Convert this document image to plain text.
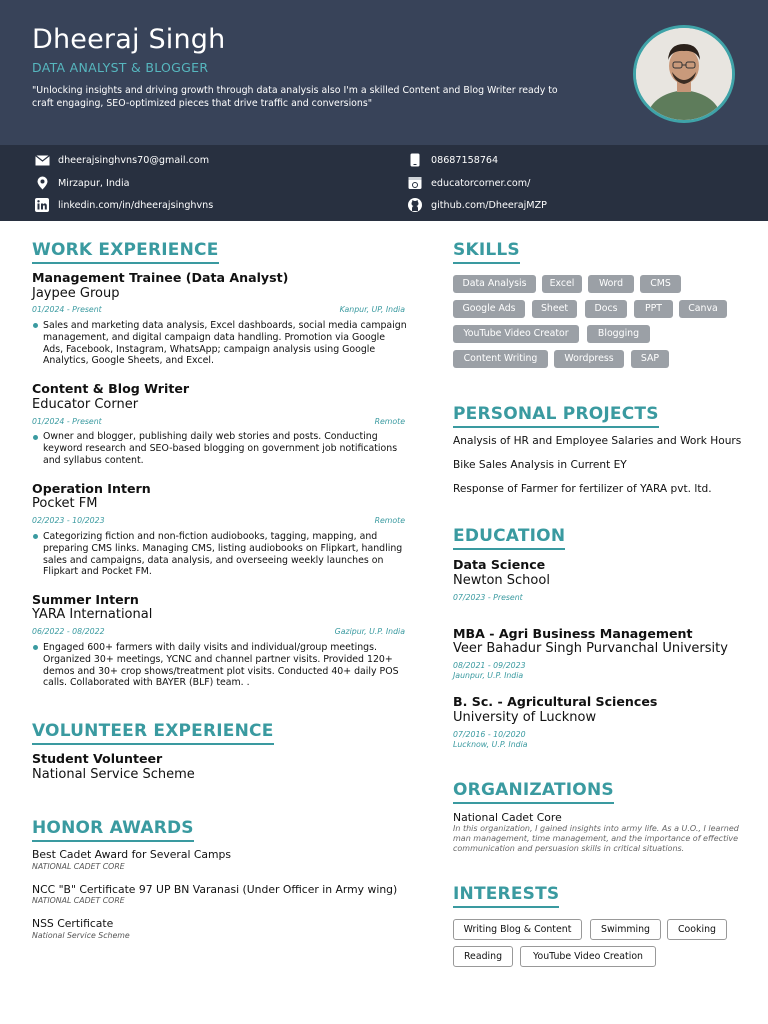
Dheeraj Singh
DATA ANALYST & BLOGGER
"Unlocking insights and driving growth through data analysis also I'm a skilled Content and Blog Writer ready to craft engaging, SEO-optimized pieces that drive traffic and conversions"
dheerajsinghvns70@gmail.com	08687158764
Mirzapur, India	educatorcorner.com/
linkedin.com/in/dheerajsinghvns	github.com/DheerajMZP
WORK EXPERIENCE
Management Trainee (Data Analyst)
Jaypee Group
01/2024 - Present	Kanpur, UP, India
Sales and marketing data analysis, Excel dashboards, social media campaign management, and digital campaign data handling. Promotion via Google Ads, Facebook, Instagram, WhatsApp; campaign analysis using Google Analytics, Google Sheets, and Excel.
Content & Blog Writer
Educator Corner
01/2024 - Present	Remote
Owner and blogger, publishing daily web stories and posts. Conducting keyword research and SEO-based blogging on government job notifications and syllabus content.
Operation Intern
Pocket FM
02/2023 - 10/2023	Remote
Categorizing fiction and non-fiction audiobooks, tagging, mapping, and preparing CMS links. Managing CMS, listing audiobooks on Flipkart, handling sales and campaigns, data analysis, and overseeing weekly launches on Flipkart and Pocket FM.
Summer Intern
YARA International
06/2022 - 08/2022	Gazipur, U.P. India
Engaged 600+ farmers with daily visits and individual/group meetings. Organized 30+ meetings, YCNC and channel partner visits. Provided 120+ demos and 30+ crop shows/treatment plot visits. Conducted 40+ daily POS calls. Collaborated with BAYER (BLF) team. .
VOLUNTEER EXPERIENCE
Student Volunteer
National Service Scheme
HONOR AWARDS
Best Cadet Award for Several Camps
NATIONAL CADET CORE
NCC "B" Certificate 97 UP BN Varanasi (Under Officer in Army wing)
NATIONAL CADET CORE
NSS Certificate
National Service Scheme
SKILLS
Data Analysis	Excel	Word	CMS
Google Ads	Sheet	Docs	PPT	Canva
YouTube Video Creator	Blogging
Content Writing	Wordpress	SAP
PERSONAL PROJECTS
Analysis of HR and Employee Salaries and Work Hours
Bike Sales Analysis in Current EY
Response of Farmer for fertilizer of YARA pvt. ltd.
EDUCATION
Data Science
Newton School
07/2023 - Present
MBA - Agri Business Management
Veer Bahadur Singh Purvanchal University
08/2021 - 09/2023
Jaunpur, U.P. India
B. Sc. - Agricultural Sciences
University of Lucknow
07/2016 - 10/2020
Lucknow, U.P. India
ORGANIZATIONS
National Cadet Core
In this organization, I gained insights into army life. As a U.O., I learned man management, time management, and the importance of effective communication and persuasion skills in critical situations.
INTERESTS
Writing Blog & Content	Swimming	Cooking
Reading	YouTube Video Creation
